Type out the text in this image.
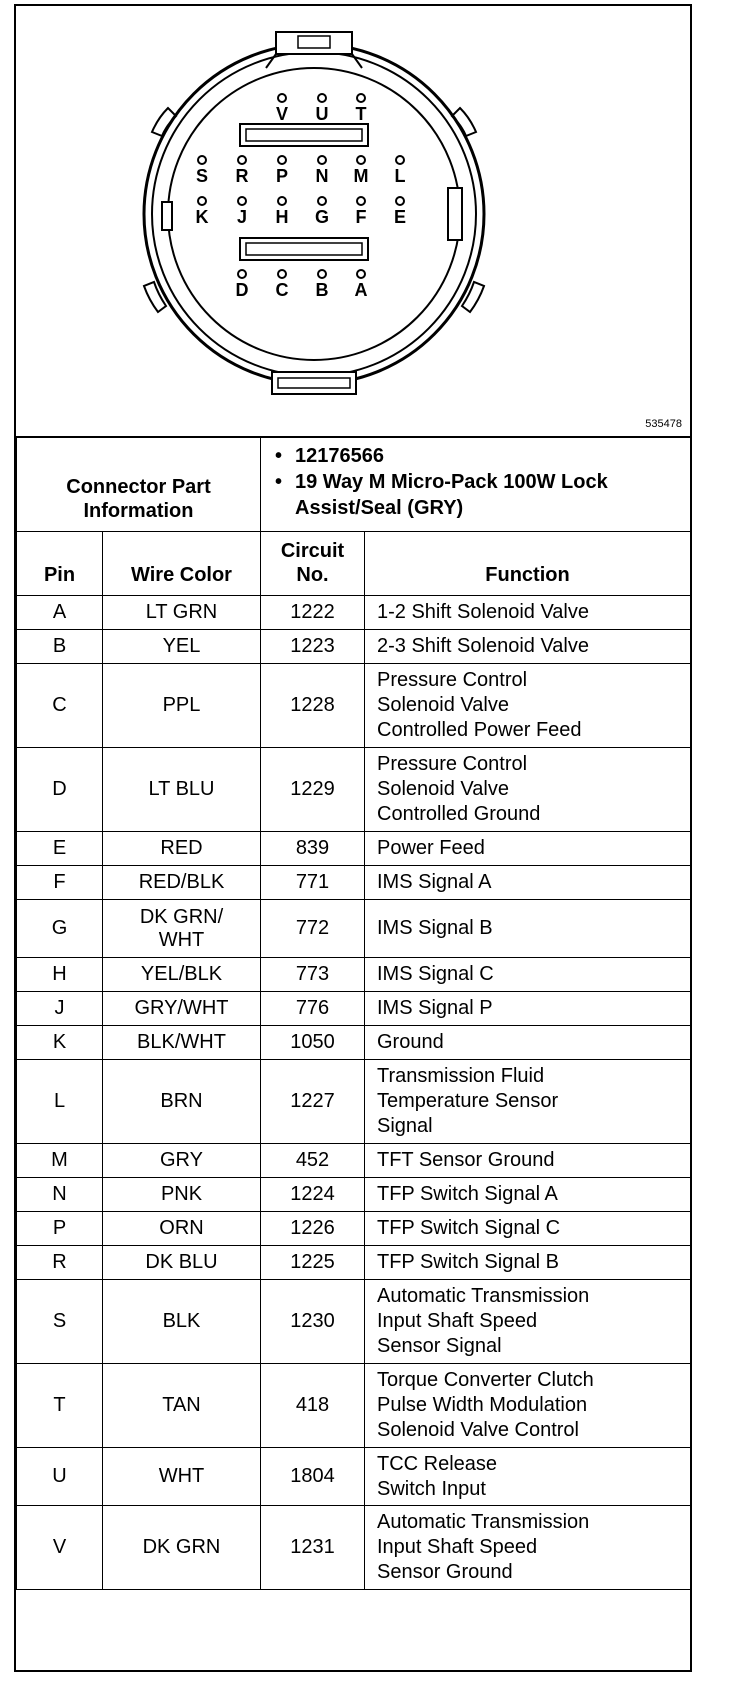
V U T
S R P N M L
K J H G F E
D C B A
535478
Connector Part
Information		• 12176566
• 19 Way M Micro-Pack 100W Lock Assist/Seal (GRY)	

Pin	Wire Color	Circuit
No.	Function
A	LT GRN	1222	1-2 Shift Solenoid Valve

B	YEL	1223	2-3 Shift Solenoid Valve

C	PPL	1228	Pressure Control
Solenoid Valve
Controlled Power Feed

D	LT BLU	1229	Pressure Control
Solenoid Valve
Controlled Ground

E	RED	839	Power Feed

F	RED/BLK	771	IMS Signal A

G	DK GRN/
WHT	772	IMS Signal B

H	YEL/BLK	773	IMS Signal C

J	GRY/WHT	776	IMS Signal P

K	BLK/WHT	1050	Ground

L	BRN	1227	Transmission Fluid
Temperature Sensor
Signal

M	GRY	452	TFT Sensor Ground

N	PNK	1224	TFP Switch Signal A

P	ORN	1226	TFP Switch Signal C

R	DK BLU	1225	TFP Switch Signal B

S	BLK	1230	Automatic Transmission
Input Shaft Speed
Sensor Signal

T	TAN	418	Torque Converter Clutch
Pulse Width Modulation
Solenoid Valve Control

U	WHT	1804	TCC Release
Switch Input

V	DK GRN	1231	Automatic Transmission
Input Shaft Speed
Sensor Ground
